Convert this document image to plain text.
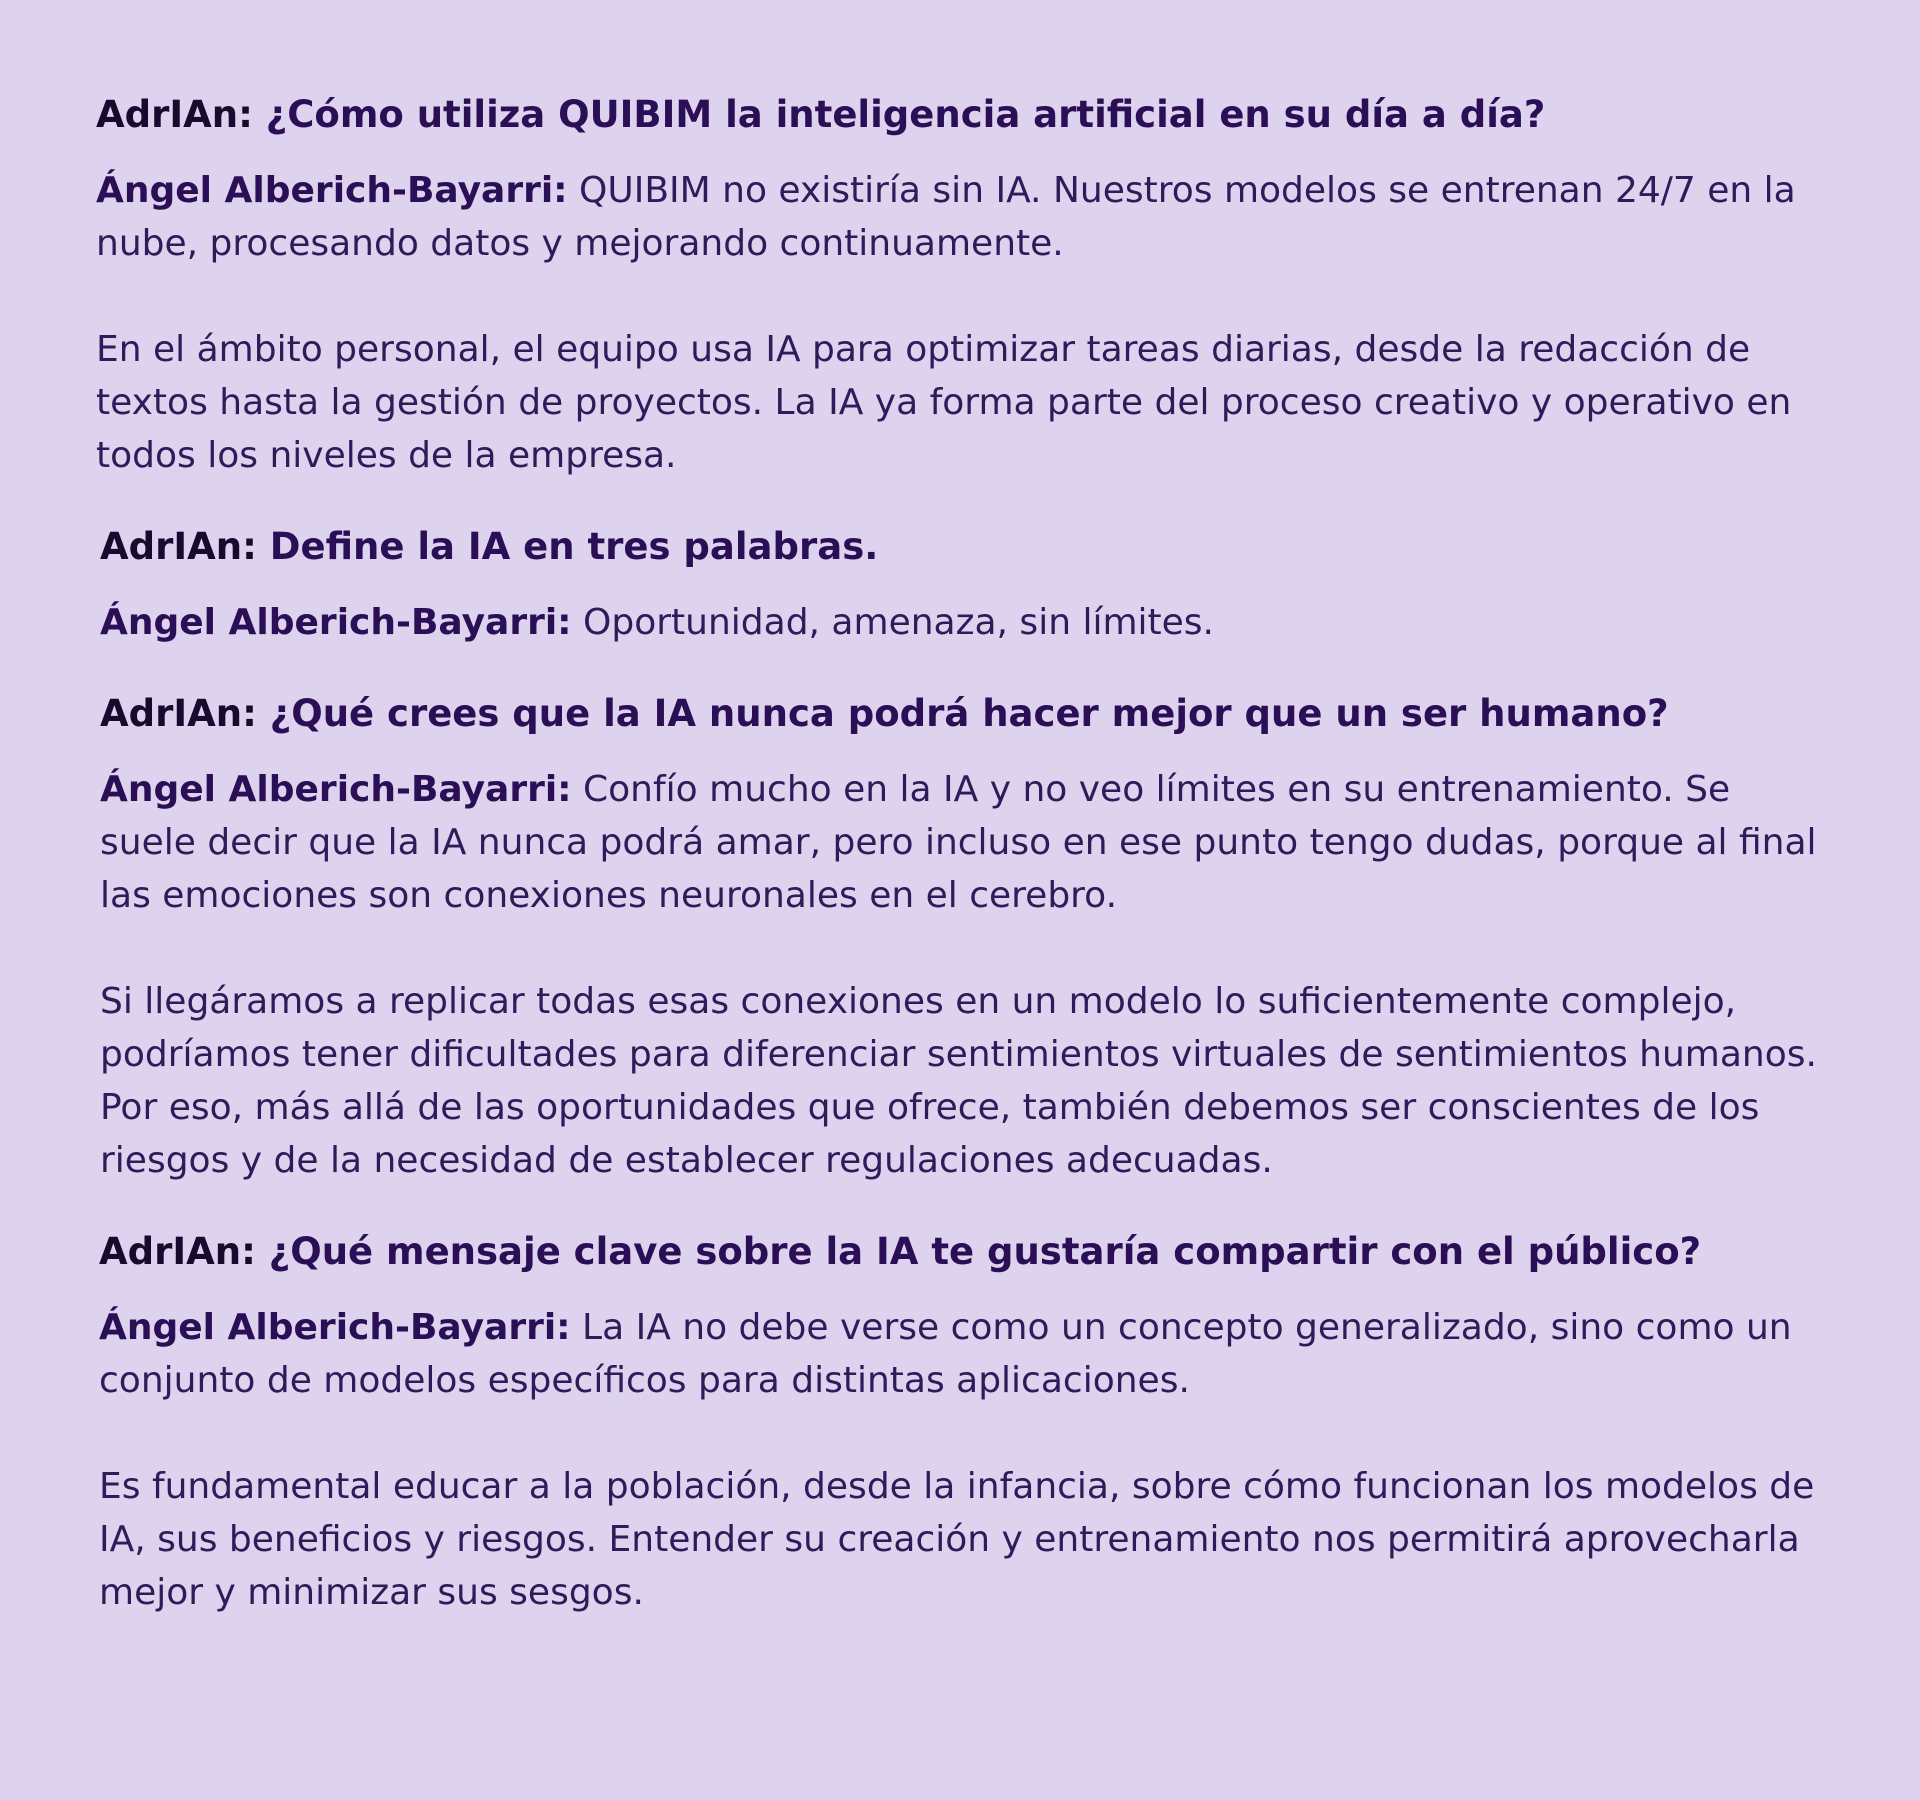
AdrIAn: ¿Cómo utiliza QUIBIM la inteligencia artificial en su día a día?

Ángel Alberich-Bayarri: QUIBIM no existiría sin IA. Nuestros modelos se entrenan 24/7 en la nube, procesando datos y mejorando continuamente.

En el ámbito personal, el equipo usa IA para optimizar tareas diarias, desde la redacción de textos hasta la gestión de proyectos. La IA ya forma parte del proceso creativo y operativo en todos los niveles de la empresa.

AdrIAn: Define la IA en tres palabras.

Ángel Alberich-Bayarri: Oportunidad, amenaza, sin límites.

AdrIAn: ¿Qué crees que la IA nunca podrá hacer mejor que un ser humano?

Ángel Alberich-Bayarri: Confío mucho en la IA y no veo límites en su entrenamiento. Se suele decir que la IA nunca podrá amar, pero incluso en ese punto tengo dudas, porque al final las emociones son conexiones neuronales en el cerebro.

Si llegáramos a replicar todas esas conexiones en un modelo lo suficientemente complejo, podríamos tener dificultades para diferenciar sentimientos virtuales de sentimientos humanos. Por eso, más allá de las oportunidades que ofrece, también debemos ser conscientes de los riesgos y de la necesidad de establecer regulaciones adecuadas.

AdrIAn: ¿Qué mensaje clave sobre la IA te gustaría compartir con el público?

Ángel Alberich-Bayarri: La IA no debe verse como un concepto generalizado, sino como un conjunto de modelos específicos para distintas aplicaciones.

Es fundamental educar a la población, desde la infancia, sobre cómo funcionan los modelos de IA, sus beneficios y riesgos. Entender su creación y entrenamiento nos permitirá aprovecharla mejor y minimizar sus sesgos.
